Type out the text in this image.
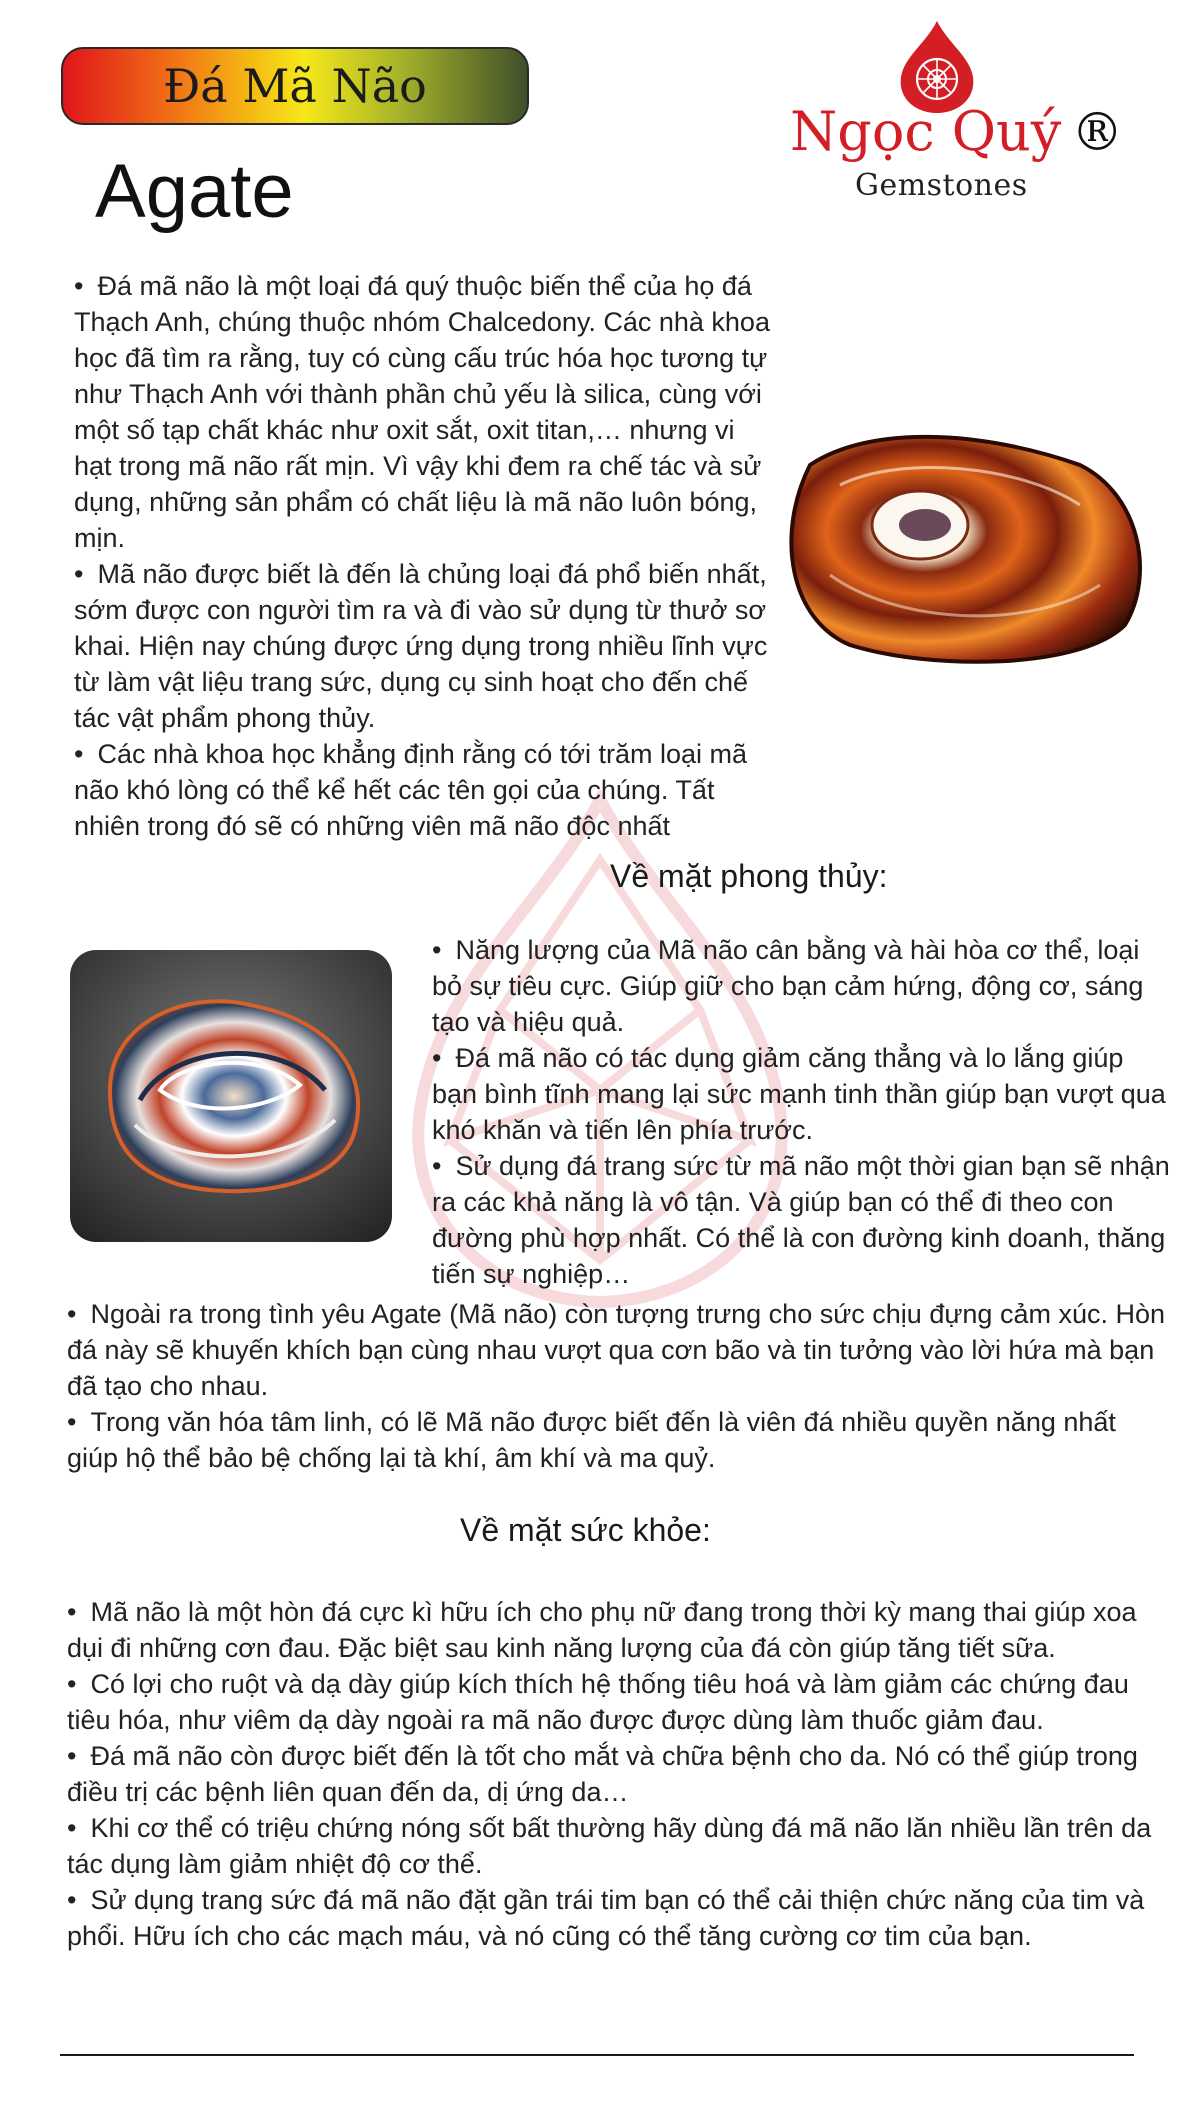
Đá Mã Não
Agate
Ngọc Quý ®
Gemstones

• Đá mã não là một loại đá quý thuộc biến thể của họ đá Thạch Anh, chúng thuộc nhóm Chalcedony. Các nhà khoa học đã tìm ra rằng, tuy có cùng cấu trúc hóa học tương tự như Thạch Anh với thành phần chủ yếu là silica, cùng với một số tạp chất khác như oxit sắt, oxit titan,… nhưng vi hạt trong mã não rất mịn. Vì vậy khi đem ra chế tác và sử dụng, những sản phẩm có chất liệu là mã não luôn bóng, mịn.

• Mã não được biết là đến là chủng loại đá phổ biến nhất, sớm được con người tìm ra và đi vào sử dụng từ thưở sơ khai. Hiện nay chúng được ứng dụng trong nhiều lĩnh vực từ làm vật liệu trang sức, dụng cụ sinh hoạt cho đến chế tác vật phẩm phong thủy.

• Các nhà khoa học khẳng định rằng có tới trăm loại mã não khó lòng có thể kể hết các tên gọi của chúng. Tất nhiên trong đó sẽ có những viên mã não độc nhất

Về mặt phong thủy:

• Năng lượng của Mã não cân bằng và hài hòa cơ thể, loại bỏ sự tiêu cực. Giúp giữ cho bạn cảm hứng, động cơ, sáng tạo và hiệu quả.

• Đá mã não có tác dụng giảm căng thẳng và lo lắng giúp bạn bình tĩnh mang lại sức mạnh tinh thần giúp bạn vượt qua khó khăn và tiến lên phía trước.

• Sử dụng đá trang sức từ mã não một thời gian bạn sẽ nhận ra các khả năng là vô tận. Và giúp bạn có thể đi theo con đường phù hợp nhất. Có thể là con đường kinh doanh, thăng tiến sự nghiệp…

• Ngoài ra trong tình yêu Agate (Mã não) còn tượng trưng cho sức chịu đựng cảm xúc. Hòn đá này sẽ khuyến khích bạn cùng nhau vượt qua cơn bão và tin tưởng vào lời hứa mà bạn đã tạo cho nhau.

• Trong văn hóa tâm linh, có lẽ Mã não được biết đến là viên đá nhiều quyền năng nhất giúp hộ thể bảo bệ chống lại tà khí, âm khí và ma quỷ.

Về mặt sức khỏe:

• Mã não là một hòn đá cực kì hữu ích cho phụ nữ đang trong thời kỳ mang thai giúp xoa dụi đi những cơn đau. Đặc biệt sau kinh năng lượng của đá còn giúp tăng tiết sữa.

• Có lợi cho ruột và dạ dày giúp kích thích hệ thống tiêu hoá và làm giảm các chứng đau tiêu hóa, như viêm dạ dày ngoài ra mã não được được dùng làm thuốc giảm đau.

• Đá mã não còn được biết đến là tốt cho mắt và chữa bệnh cho da. Nó có thể giúp trong điều trị các bệnh liên quan đến da, dị ứng da…

• Khi cơ thể có triệu chứng nóng sốt bất thường hãy dùng đá mã não lăn nhiều lần trên da tác dụng làm giảm nhiệt độ cơ thể.

• Sử dụng trang sức đá mã não đặt gần trái tim bạn có thể cải thiện chức năng của tim và phổi. Hữu ích cho các mạch máu, và nó cũng có thể tăng cường cơ tim của bạn.
